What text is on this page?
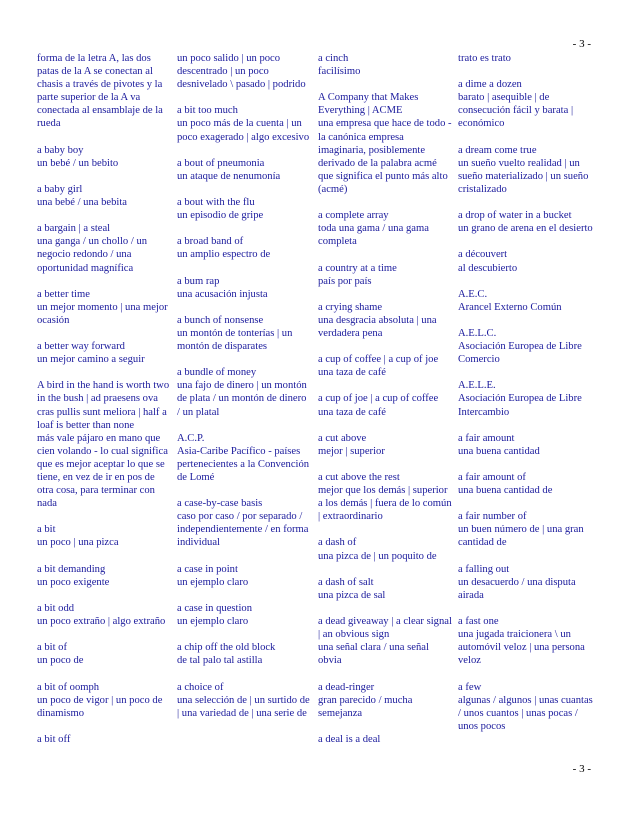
- 3 -
forma de la letra A, las dos patas de la A se conectan al chasis a través de pivotes y la parte superior de la A va conectada al ensamblaje de la rueda
a baby boy
un bebé / un bebito
a baby girl
una bebé / una bebita
a bargain | a steal
una ganga / un chollo / un negocio redondo / una oportunidad magnífica
a better time
un mejor momento | una mejor ocasión
a better way forward
un mejor camino a seguir
A bird in the hand is worth two in the bush | ad praesens ova cras pullis sunt meliora | half a loaf is better than none
más vale pájaro en mano que cien volando - lo cual significa que es mejor aceptar lo que se tiene, en vez de ir en pos de otra cosa, para terminar con nada
a bit
un poco | una pizca
a bit demanding
un poco exigente
a bit odd
un poco extraño | algo extraño
a bit of
un poco de
a bit of oomph
un poco de vigor | un poco de dinamismo
a bit off
un poco salido | un poco descentrado | un poco desnivelado \ pasado | podrido
a bit too much
un poco más de la cuenta | un poco exagerado | algo excesivo
a bout of pneumonia
un ataque de nenumonía
a bout with the flu
un episodio de gripe
a broad band of
un amplio espectro de
a bum rap
una acusación injusta
a bunch of nonsense
un montón de tonterías | un montón de disparates
a bundle of money
una fajo de dinero | un montón de plata / un montón de dinero / un platal
A.C.P.
Asia-Caribe Pacífico - países pertenecientes a la Convención de Lomé
a case-by-case basis
caso por caso / por separado / independientemente / en forma individual
a case in point
un ejemplo claro
a case in question
un ejemplo claro
a chip off the old block
de tal palo tal astilla
a choice of
una selección de | un surtido de | una variedad de | una serie de
a cinch
facilísimo
A Company that Makes Everything | ACME
una empresa que hace de todo - la canónica empresa imaginaria, posiblemente derivado de la palabra acmé que significa el punto más alto (acmé)
a complete array
toda una gama / una gama completa
a country at a time
país por país
a crying shame
una desgracia absoluta | una verdadera pena
a cup of coffee | a cup of joe
una taza de café
a cup of joe | a cup of coffee
una taza de café
a cut above
mejor | superior
a cut above the rest
mejor que los demás | superior a los demás | fuera de lo común | extraordinario
a dash of
una pizca de | un poquito de
a dash of salt
una pizca de sal
a dead giveaway | a clear signal | an obvious sign
una señal clara / una señal obvia
a dead-ringer
gran parecido / mucha semejanza
a deal is a deal
trato es trato
a dime a dozen
barato | asequible | de consecución fácil y barata | económico
a dream come true
un sueño vuelto realidad | un sueño materializado | un sueño cristalizado
a drop of water in a bucket
un grano de arena en el desierto
a découvert
al descubierto
A.E.C.
Arancel Externo Común
A.E.L.C.
Asociación Europea de Libre Comercio
A.E.L.E.
Asociación Europea de Libre Intercambio
a fair amount
una buena cantidad
a fair amount of
una buena cantidad de
a fair number of
un buen número de | una gran cantidad de
a falling out
un desacuerdo / una disputa airada
a fast one
una jugada traicionera \ un automóvil veloz | una persona veloz
a few
algunas / algunos | unas cuantas / unos cuantos | unas pocas / unos pocos
- 3 -
